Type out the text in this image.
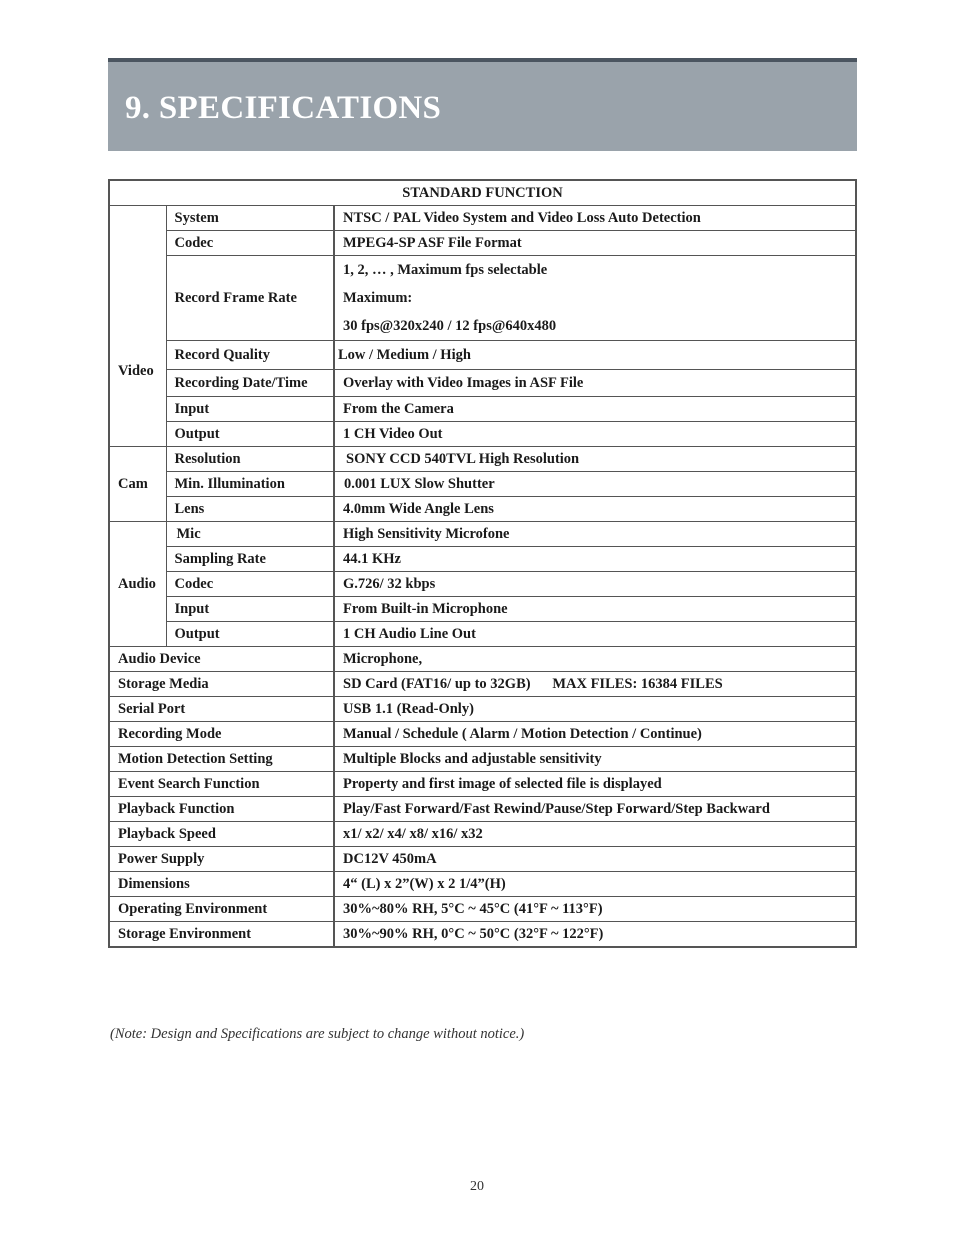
9. SPECIFICATIONS
STANDARD FUNCTION		
Video	System	NTSC / PAL Video System and Video Loss Auto Detection
	Codec	MPEG4-SP ASF File Format
	Record Frame Rate	1, 2, … , Maximum fps selectable
Maximum:
30 fps@320x240 / 12 fps@640x480

	Record Quality	Low / Medium / High
	Recording Date/Time	Overlay with Video Images in ASF File
	Input	From the Camera
	Output	1 CH Video Out
Cam	Resolution	SONY CCD 540TVL High Resolution
	Min. Illumination	0.001 LUX Slow Shutter
	Lens	4.0mm Wide Angle Lens
Audio	Mic	High Sensitivity Microfone
	Sampling Rate	44.1 KHz
	Codec	G.726/ 32 kbps
	Input	From Built-in Microphone
	Output	1 CH Audio Line Out
Audio Device		Microphone,
Storage Media		SD Card (FAT16/ up to 32GB)      MAX FILES: 16384 FILES
Serial Port		USB 1.1 (Read-Only)
Recording Mode		Manual / Schedule ( Alarm / Motion Detection / Continue)
Motion Detection Setting		Multiple Blocks and adjustable sensitivity
Event Search Function		Property and first image of selected file is displayed
Playback Function		Play/Fast Forward/Fast Rewind/Pause/Step Forward/Step Backward
Playback Speed		x1/ x2/ x4/ x8/ x16/ x32
Power Supply		DC12V 450mA
Dimensions		4“ (L) x 2”(W) x 2 1/4”(H)
Operating Environment		30%~80% RH, 5°C ~ 45°C (41°F ~ 113°F)
Storage Environment		30%~90% RH, 0°C ~ 50°C (32°F ~ 122°F)

(Note: Design and Specifications are subject to change without notice.)

20
